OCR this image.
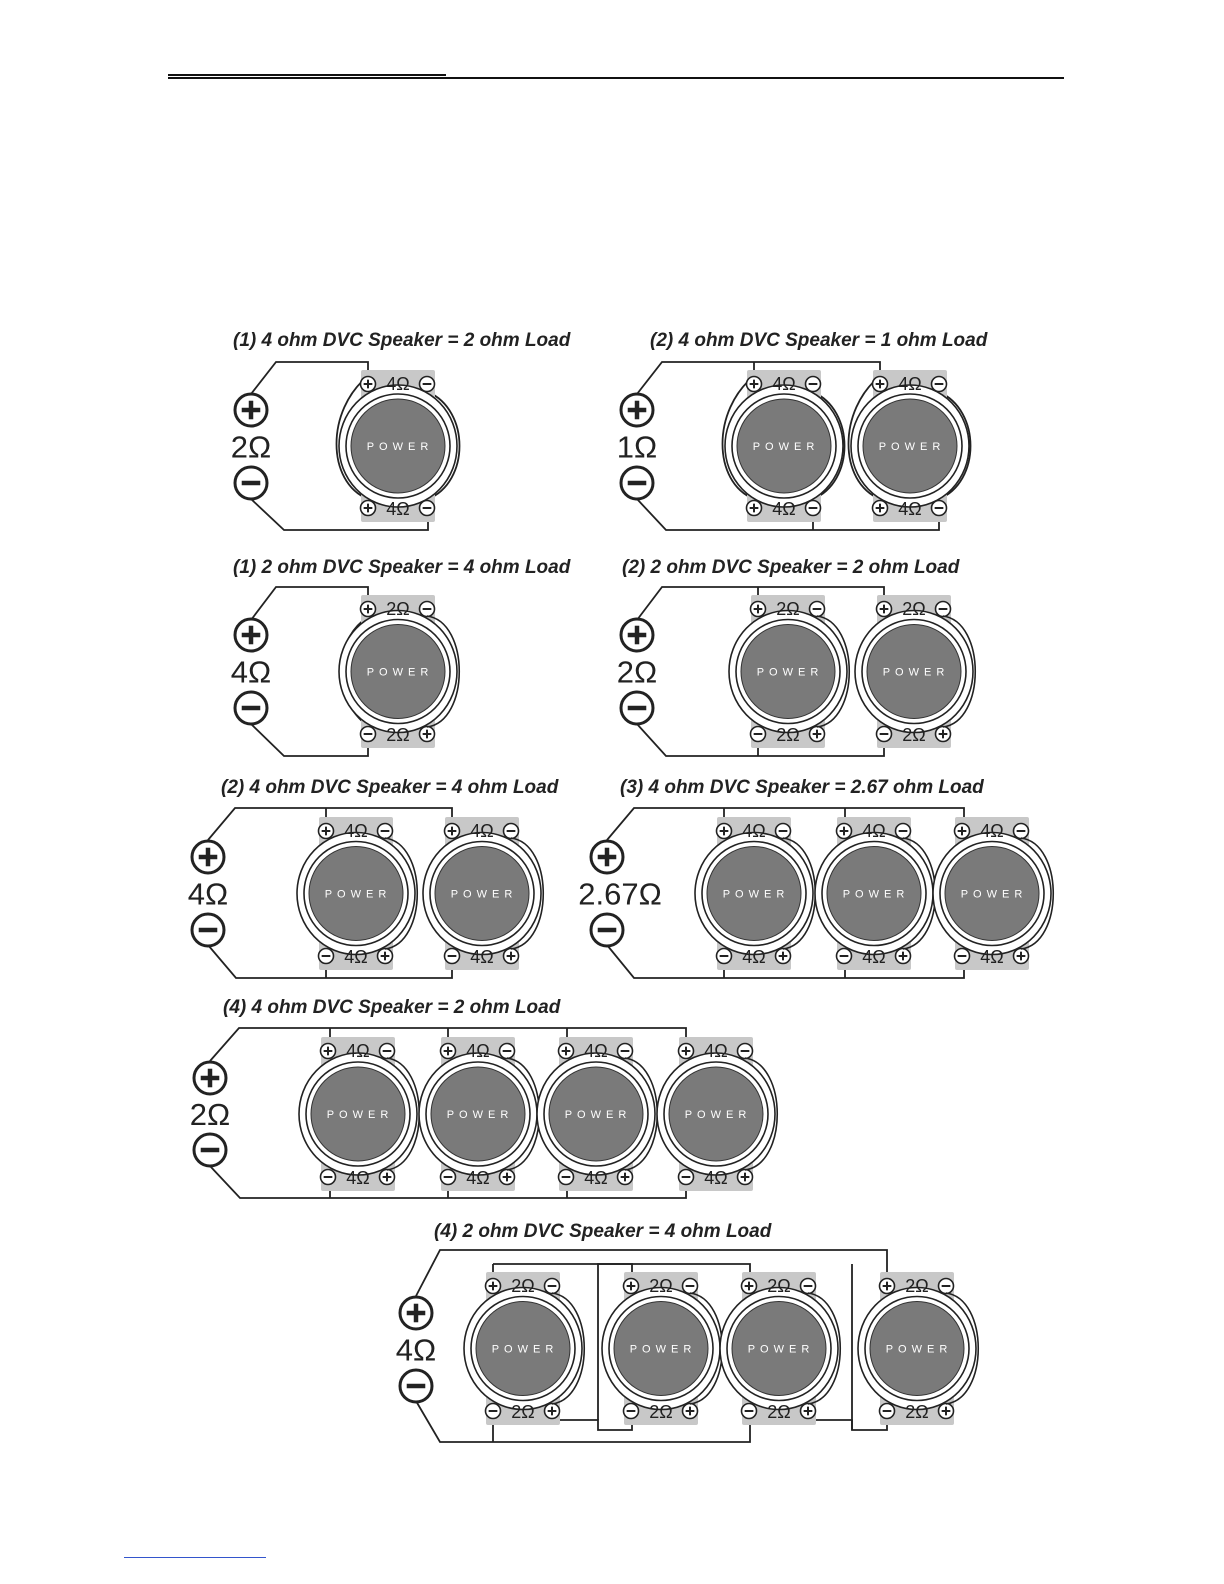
(1) 4 ohm DVC Speaker = 2 ohm Load
POWER
4Ω
4Ω
2Ω
(2) 4 ohm DVC Speaker = 1 ohm Load
POWER
4Ω
4Ω
POWER
4Ω
4Ω
1Ω
(1) 2 ohm DVC Speaker = 4 ohm Load
POWER
2Ω
2Ω
4Ω
(2) 2 ohm DVC Speaker = 2 ohm Load
POWER
2Ω
2Ω
POWER
2Ω
2Ω
2Ω
(2) 4 ohm DVC Speaker = 4 ohm Load
POWER
4Ω
4Ω
POWER
4Ω
4Ω
4Ω
(3) 4 ohm DVC Speaker = 2.67 ohm Load
POWER
4Ω
4Ω
POWER
4Ω
4Ω
POWER
4Ω
4Ω
2.67Ω
(4) 4 ohm DVC Speaker = 2 ohm Load
POWER
4Ω
4Ω
POWER
4Ω
4Ω
POWER
4Ω
4Ω
POWER
4Ω
4Ω
2Ω
(4) 2 ohm DVC Speaker = 4 ohm Load
POWER
2Ω
2Ω
POWER
2Ω
2Ω
POWER
2Ω
2Ω
POWER
2Ω
2Ω
4Ω
